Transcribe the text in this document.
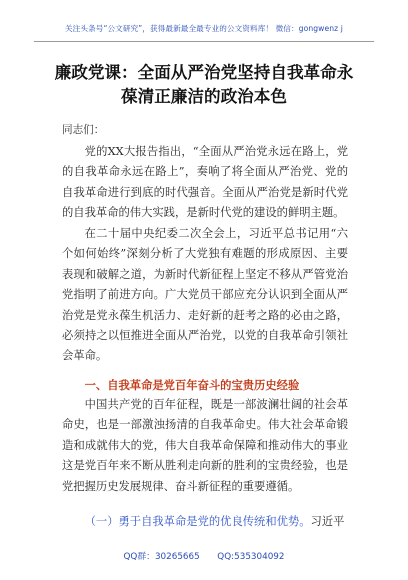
关注头条号“公文研究”，获得最新最全最专业的公文资料库！ 微信：gongwenz j
廉政党课：全面从严治党坚持自我革命永葆清正廉洁的政治本色

同志们：

党的XX大报告指出，“全面从严治党永远在路上，党的自我革命永远在路上”，奏响了将全面从严治党、党的自我革命进行到底的时代强音。全面从严治党是新时代党的自我革命的伟大实践，是新时代党的建设的鲜明主题。

在二十届中央纪委二次全会上，习近平总书记用“六个如何始终”深刻分析了大党独有难题的形成原因、主要表现和破解之道，为新时代新征程上坚定不移从严管党治党指明了前进方向。广大党员干部应充分认识到全面从严治党是党永葆生机活力、走好新的赶考之路的必由之路，必须持之以恒推进全面从严治党，以党的自我革命引领社会革命。

一、自我革命是党百年奋斗的宝贵历史经验

中国共产党的百年征程，既是一部波澜壮阔的社会革命史，也是一部激浊扬清的自我革命史。伟大社会革命锻造和成就伟大的党，伟大自我革命保障和推动伟大的事业这是党百年来不断从胜利走向新的胜利的宝贵经验，也是党把握历史发展规律、奋斗新征程的重要遵循。

（一）勇于自我革命是党的优良传统和优势。习近平

QQ群：30265665　　QQ:535304092
